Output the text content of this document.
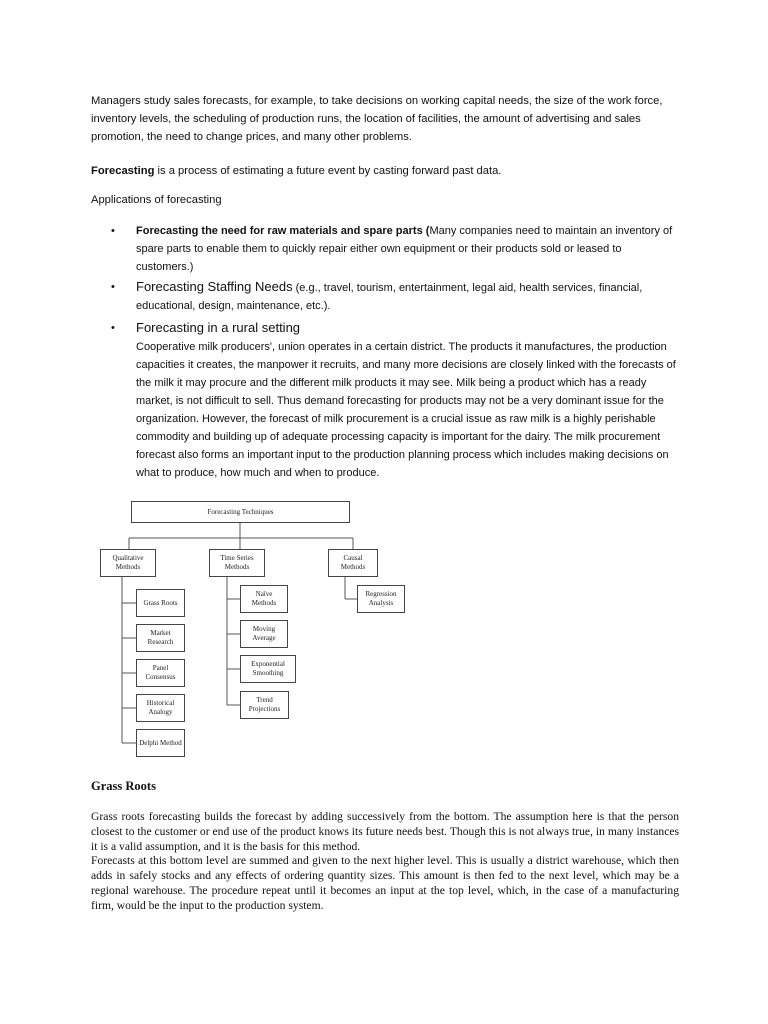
Managers study sales forecasts, for example, to take decisions on working capital needs, the size of the work force, inventory levels, the scheduling of production runs, the location of facilities, the amount of advertising and sales promotion, the need to change prices, and many other problems.

Forecasting is a process of estimating a future event by casting forward past data.

Applications of forecasting

• Forecasting the need for raw materials and spare parts (Many companies need to maintain an inventory of spare parts to enable them to quickly repair either own equipment or their products sold or leased to customers.)
• Forecasting Staffing Needs (e.g., travel, tourism, entertainment, legal aid, health services, financial, educational, design, maintenance, etc.).
• Forecasting in a rural setting
Cooperative milk producers', union operates in a certain district. The products it manufactures, the production capacities it creates, the manpower it recruits, and many more decisions are closely linked with the forecasts of the milk it may procure and the different milk products it may see. Milk being a product which has a ready market, is not difficult to sell. Thus demand forecasting for products may not be a very dominant issue for the organization. However, the forecast of milk procurement is a crucial issue as raw milk is a highly perishable commodity and building up of adequate processing capacity is important for the dairy. The milk procurement forecast also forms an important input to the production planning process which includes making decisions on what to produce, how much and when to produce.
Forecasting Techniques
Qualitative Methods
Time Series Methods
Causal Methods
Grass Roots
Market Research
Panel Consensus
Historical Analogy
Delphi Method
Naïve Methods
Moving Average
Exponential Smoothing
Trend Projections
Regression Analysis
Grass Roots

Grass roots forecasting builds the forecast by adding successively from the bottom. The assumption here is that the person closest to the customer or end use of the product knows its future needs best. Though this is not always true, in many instances it is a valid assumption, and it is the basis for this method.

Forecasts at this bottom level are summed and given to the next higher level. This is usually a district warehouse, which then adds in safely stocks and any effects of ordering quantity sizes. This amount is then fed to the next level, which may be a regional warehouse. The procedure repeat until it becomes an input at the top level, which, in the case of a manufacturing firm, would be the input to the production system.
